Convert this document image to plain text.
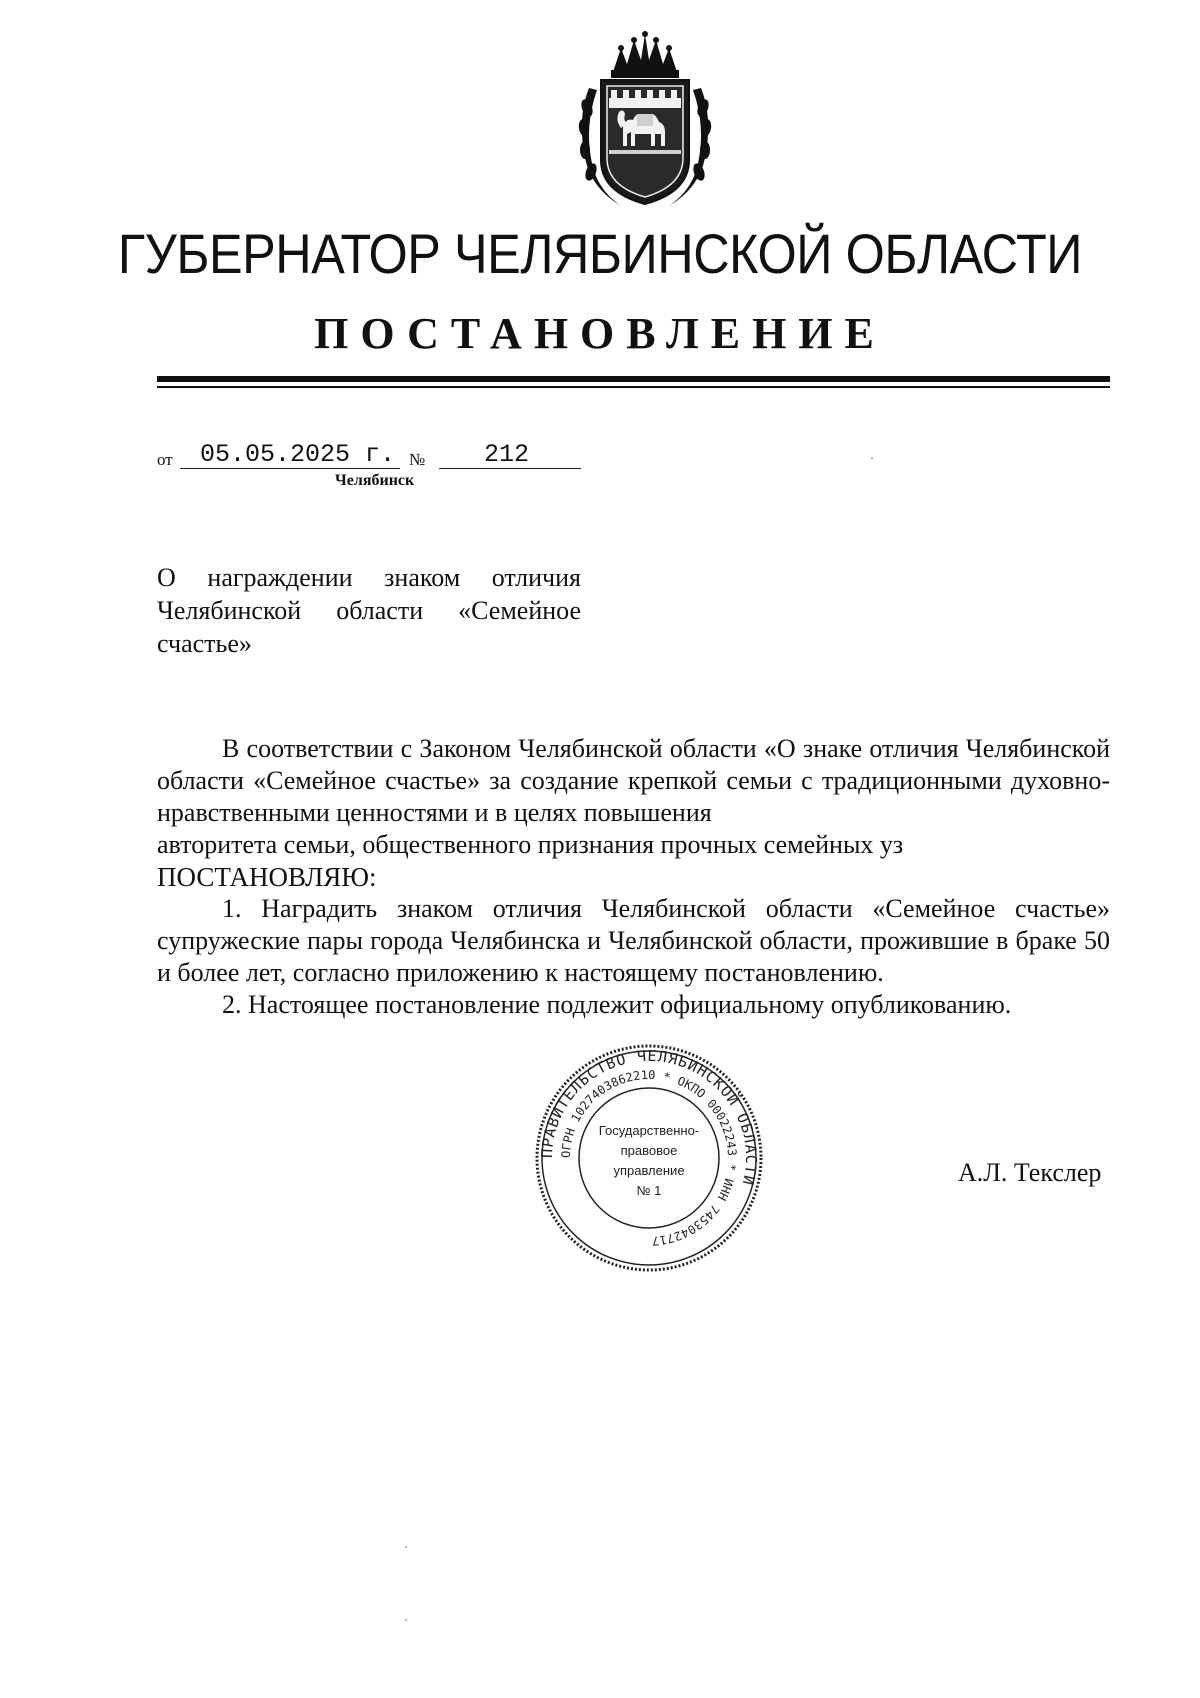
ГУБЕРНАТОР ЧЕЛЯБИНСКОЙ ОБЛАСТИ
ПОСТАНОВЛЕНИЕ
от 05.05.2025 г. № 212
Челябинск
О награждении знаком отличия Челябинской области «Семейное
счастье»

В соответствии с Законом Челябинской области «О знаке отличия Челябинской области «Семейное счастье» за создание крепкой семьи с традиционными духовно-нравственными ценностями и в целях повышения

авторитета семьи, общественного признания прочных семейных уз

ПОСТАНОВЛЯЮ:

1. Наградить знаком отличия Челябинской области «Семейное счастье» супружеские пары города Челябинска и Челябинской области, прожившие в браке 50 и более лет, согласно приложению к настоящему постановлению.

2. Настоящее постановление подлежит официальному опубликованию.

ПРАВИТЕЛЬСТВО ЧЕЛЯБИНСКОЙ ОБЛАСТИ
ОГРН 1027403862210 * ОКПО 00022243 * ИНН 7453042717
Государственно-
правовое
управление
№ 1
А.Л. Текслер
